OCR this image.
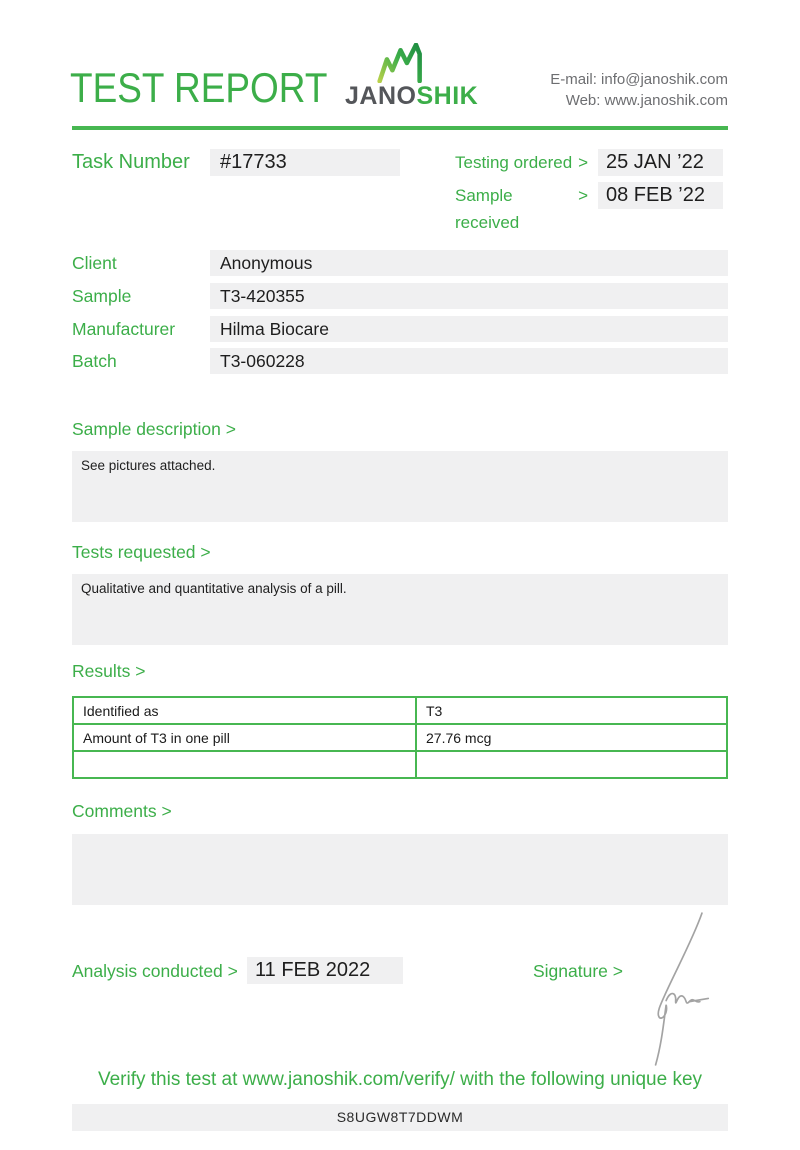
TEST REPORT JANOSHIK
E-mail: info@janoshik.com
Web: www.janoshik.com
Task Number	#17733	Testing ordered > 25 JAN ’22
Sample received
> 08 FEB ’22
Client	Anonymous
Sample	T3-420355
Manufacturer	Hilma Biocare
Batch	T3-060228
Sample description >
See pictures attached.
Tests requested >
Qualitative and quantitative analysis of a pill.
Results >
Identified as	T3
Amount of T3 in one pill	27.76 mcg

Comments >
Analysis conducted > 11 FEB 2022	Signature >
Verify this test at www.janoshik.com/verify/ with the following unique key
S8UGW8T7DDWM
